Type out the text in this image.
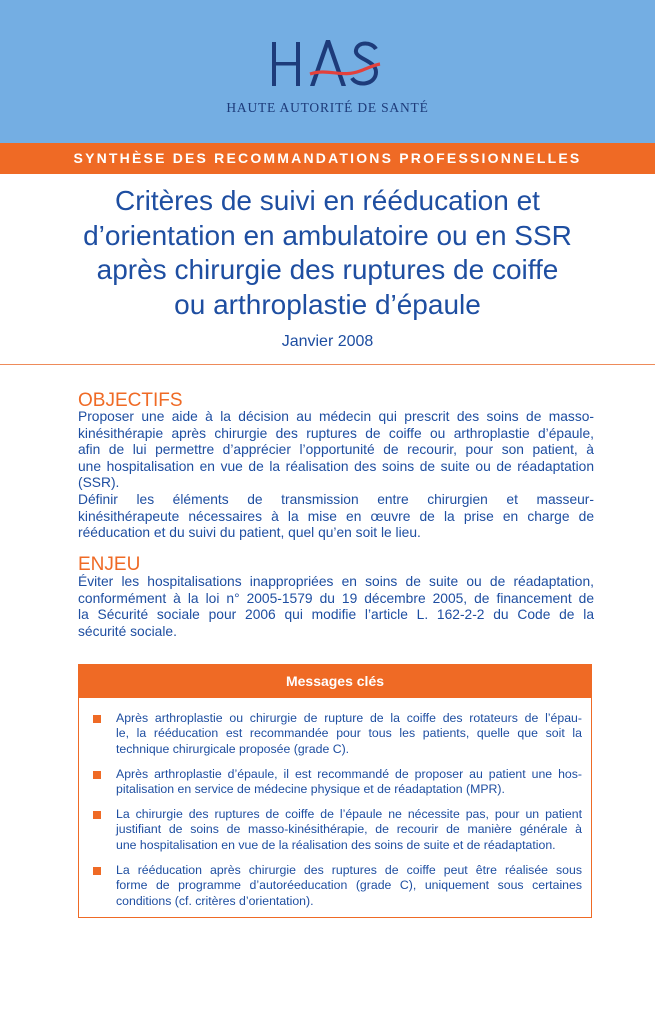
HAUTE AUTORITÉ DE SANTÉ
SYNTHÈSE DES RECOMMANDATIONS PROFESSIONNELLES
Critères de suivi en rééducation et
d’orientation en ambulatoire ou en SSR
après chirurgie des ruptures de coiffe
ou arthroplastie d’épaule
Janvier 2008
OBJECTIFS
Proposer une aide à la décision au médecin qui prescrit des soins de masso-
kinésithérapie après chirurgie des ruptures de coiffe ou arthroplastie d’épaule,
afin de lui permettre d’apprécier l’opportunité de recourir, pour son patient, à
une hospitalisation en vue de la réalisation des soins de suite ou de réadaptation
(SSR).
Définir les éléments de transmission entre chirurgien et masseur-
kinésithérapeute nécessaires à la mise en œuvre de la prise en charge de
rééducation et du suivi du patient, quel qu’en soit le lieu.
ENJEU
Éviter les hospitalisations inappropriées en soins de suite ou de réadaptation,
conformément à la loi n° 2005-1579 du 19 décembre 2005, de financement de
la Sécurité sociale pour 2006 qui modifie l’article L. 162-2-2 du Code de la
sécurité sociale.
Messages clés
Après arthroplastie ou chirurgie de rupture de la coiffe des rotateurs de l’épau-
le, la rééducation est recommandée pour tous les patients, quelle que soit la
technique chirurgicale proposée (grade C).
Après arthroplastie d’épaule, il est recommandé de proposer au patient une hos-
pitalisation en service de médecine physique et de réadaptation (MPR).
La chirurgie des ruptures de coiffe de l’épaule ne nécessite pas, pour un patient
justifiant de soins de masso-kinésithérapie, de recourir de manière générale à
une hospitalisation en vue de la réalisation des soins de suite et de réadaptation.
La rééducation après chirurgie des ruptures de coiffe peut être réalisée sous
forme de programme d’autoréeducation (grade C), uniquement sous certaines
conditions (cf. critères d’orientation).
